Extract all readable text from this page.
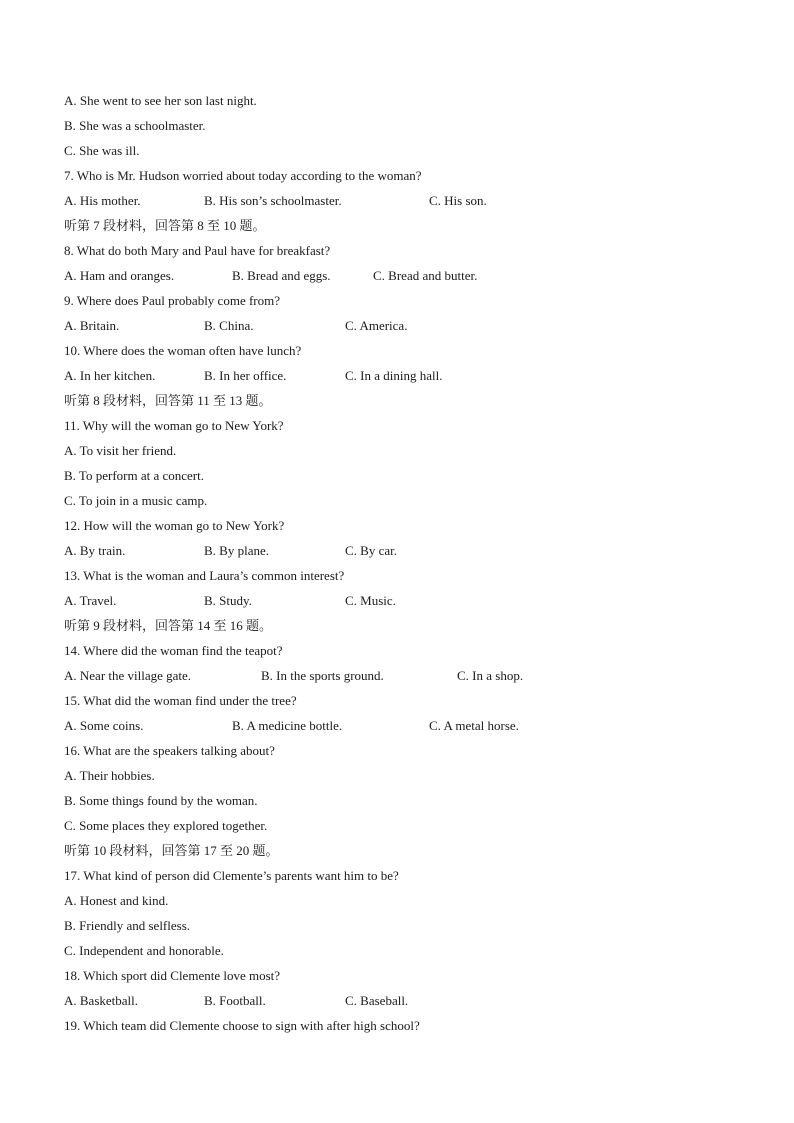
A. She went to see her son last night.
B. She was a schoolmaster.
C. She was ill.
7. Who is Mr. Hudson worried about today according to the woman?
A. His mother.	B. His son’s schoolmaster.	C. His son.
听第 7 段材料，回答第 8 至 10 题。
8. What do both Mary and Paul have for breakfast?
A. Ham and oranges.	B. Bread and eggs.	C. Bread and butter.
9. Where does Paul probably come from?
A. Britain.	B. China.	C. America.
10. Where does the woman often have lunch?
A. In her kitchen.	B. In her office.	C. In a dining hall.
听第 8 段材料，回答第 11 至 13 题。
11. Why will the woman go to New York?
A. To visit her friend.
B. To perform at a concert.
C. To join in a music camp.
12. How will the woman go to New York?
A. By train.	B. By plane.	C. By car.
13. What is the woman and Laura’s common interest?
A. Travel.	B. Study.	C. Music.
听第 9 段材料，回答第 14 至 16 题。
14. Where did the woman find the teapot?
A. Near the village gate.	B. In the sports ground.	C. In a shop.
15. What did the woman find under the tree?
A. Some coins.	B. A medicine bottle.	C. A metal horse.
16. What are the speakers talking about?
A. Their hobbies.
B. Some things found by the woman.
C. Some places they explored together.
听第 10 段材料，回答第 17 至 20 题。
17. What kind of person did Clemente’s parents want him to be?
A. Honest and kind.
B. Friendly and selfless.
C. Independent and honorable.
18. Which sport did Clemente love most?
A. Basketball.	B. Football.	C. Baseball.
19. Which team did Clemente choose to sign with after high school?
